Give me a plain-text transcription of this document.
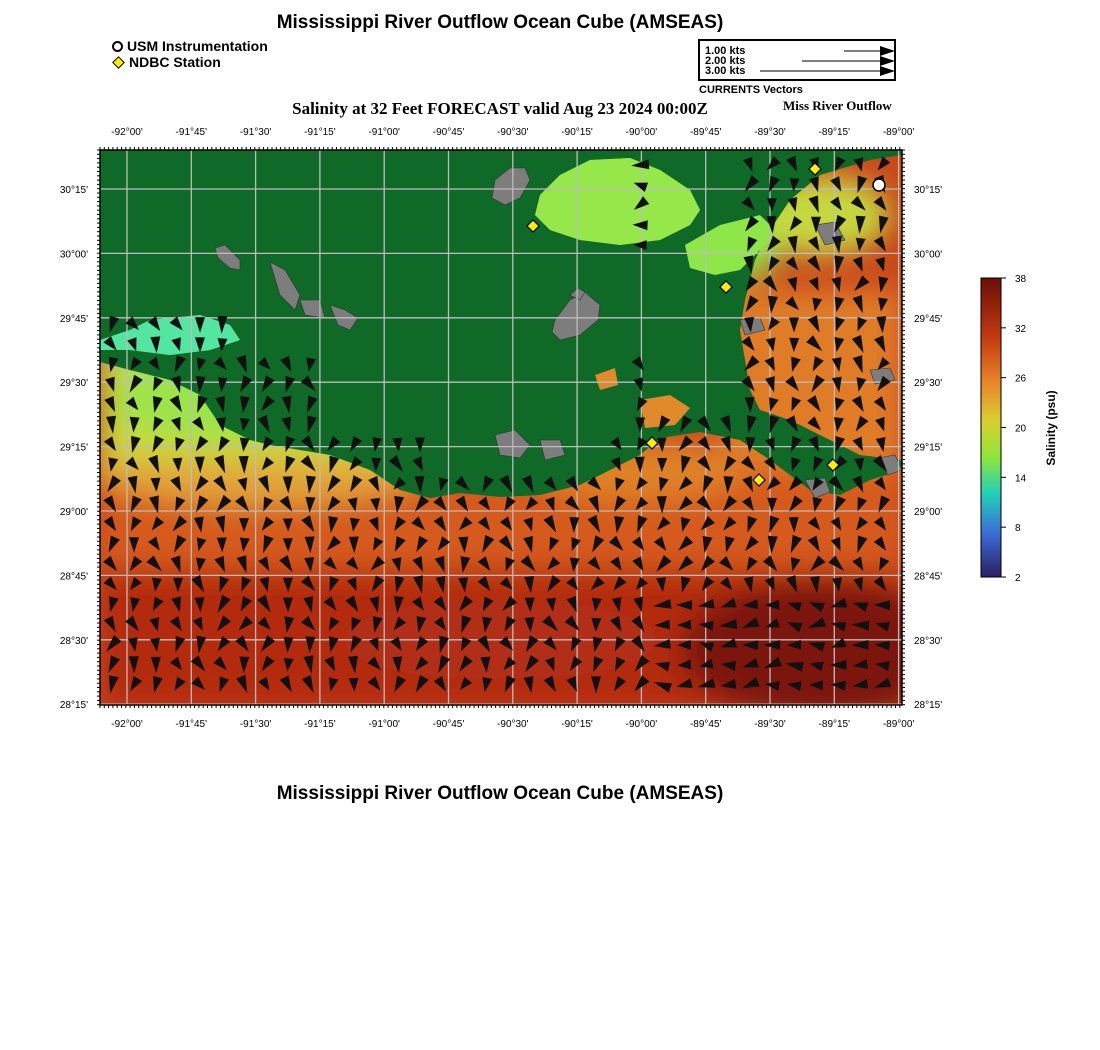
Mississippi River Outflow Ocean Cube (AMSEAS)
USM Instrumentation
NDBC Station
1.00 kts
2.00 kts
3.00 kts
CURRENTS Vectors
Salinity at 32 Feet FORECAST valid Aug 23 2024 00:00Z	Miss River Outflow
-92°00'
-92°00'
-91°45'
-91°45'
-91°30'
-91°30'
-91°15'
-91°15'
-91°00'
-91°00'
-90°45'
-90°45'
-90°30'
-90°30'
-90°15'
-90°15'
-90°00'
-90°00'
-89°45'
-89°45'
-89°30'
-89°30'
-89°15'
-89°15'
-89°00'
-89°00'
30°15'	30°15'
30°00'	30°00'
29°45'	29°45'
29°30'	29°30'
29°15'	29°15'
29°00'	29°00'
28°45'	28°45'
28°30'	28°30'
28°15'	28°15'
38
32
26
20
14
8
2
Salinity (psu)
Mississippi River Outflow Ocean Cube (AMSEAS)
